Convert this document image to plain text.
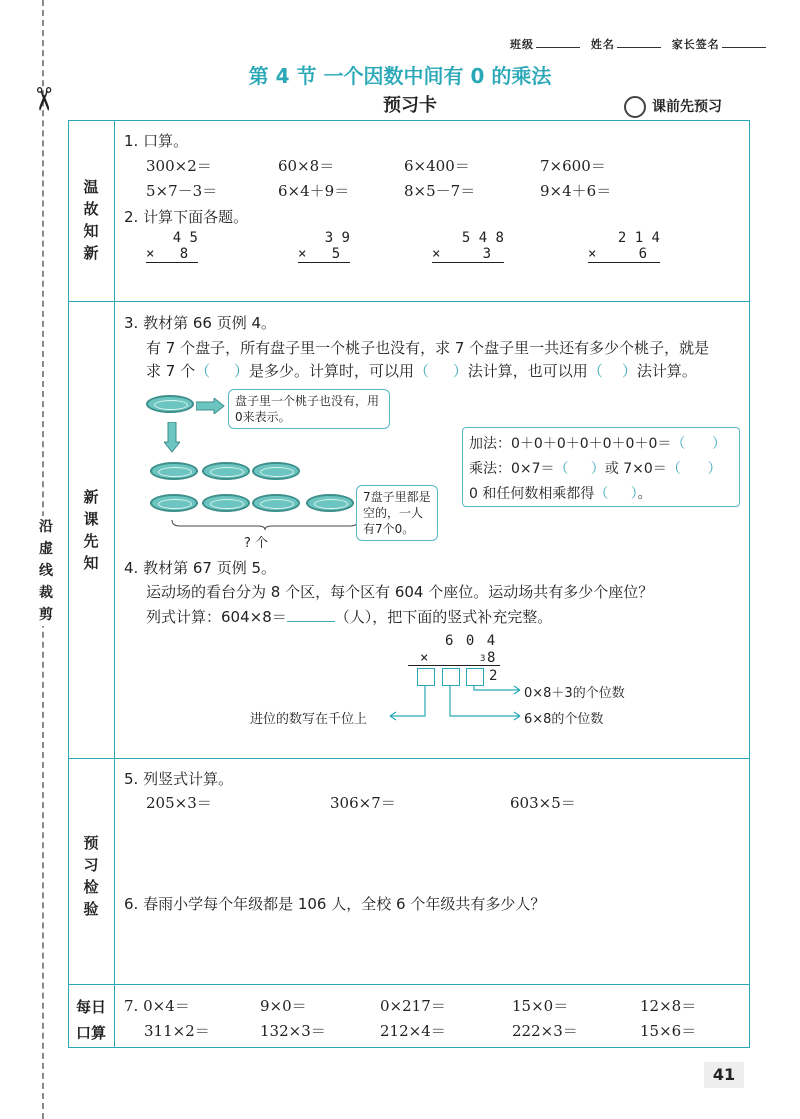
✂
沿
虚
线
裁
剪
班级	姓名	家长签名
第 4 节 一个因数中间有 0 的乘法
预习卡	课前先预习
温
故
知
新
新
课
先
知
预
习
检
验
每日
口算
1. 口算。
300×2＝	60×8＝	6×400＝	7×600＝
5×7－3＝	6×4＋9＝	8×5－7＝	9×4＋6＝
2. 计算下面各题。
4 5
×   8
3 9
×   5
5 4 8
×     3
2 1 4
×     6
3. 教材第 66 页例 4。
有 7 个盘子，所有盘子里一个桃子也没有，求 7 个盘子里一共还有多少个桃子，就是
求 7 个（     ）是多少。计算时，可以用（     ）法计算，也可以用（    ）法计算。
盘子里一个桃子也没有，用0来表示。
? 个
7盘子里都是空的，一人有7个0。
加法：0＋0＋0＋0＋0＋0＋0＝（      ）
乘法：0×7＝（     ）或 7×0＝（      ）
0 和任何数相乘都得（     ）。
4. 教材第 67 页例 5。
运动场的看台分为 8 个区，每个区有 604 个座位。运动场共有多少个座位？
列式计算：604×8＝	（人），把下面的竖式补充完整。
6 0 4
×	3 8
2
0×8＋3的个位数
6×8的个位数
进位的数写在千位上
5. 列竖式计算。
205×3＝	306×7＝	603×5＝
6. 春雨小学每个年级都是 106 人，全校 6 个年级共有多少人？
7. 0×4＝	9×0＝	0×217＝	15×0＝	12×8＝
311×2＝	132×3＝	212×4＝	222×3＝	15×6＝
41
